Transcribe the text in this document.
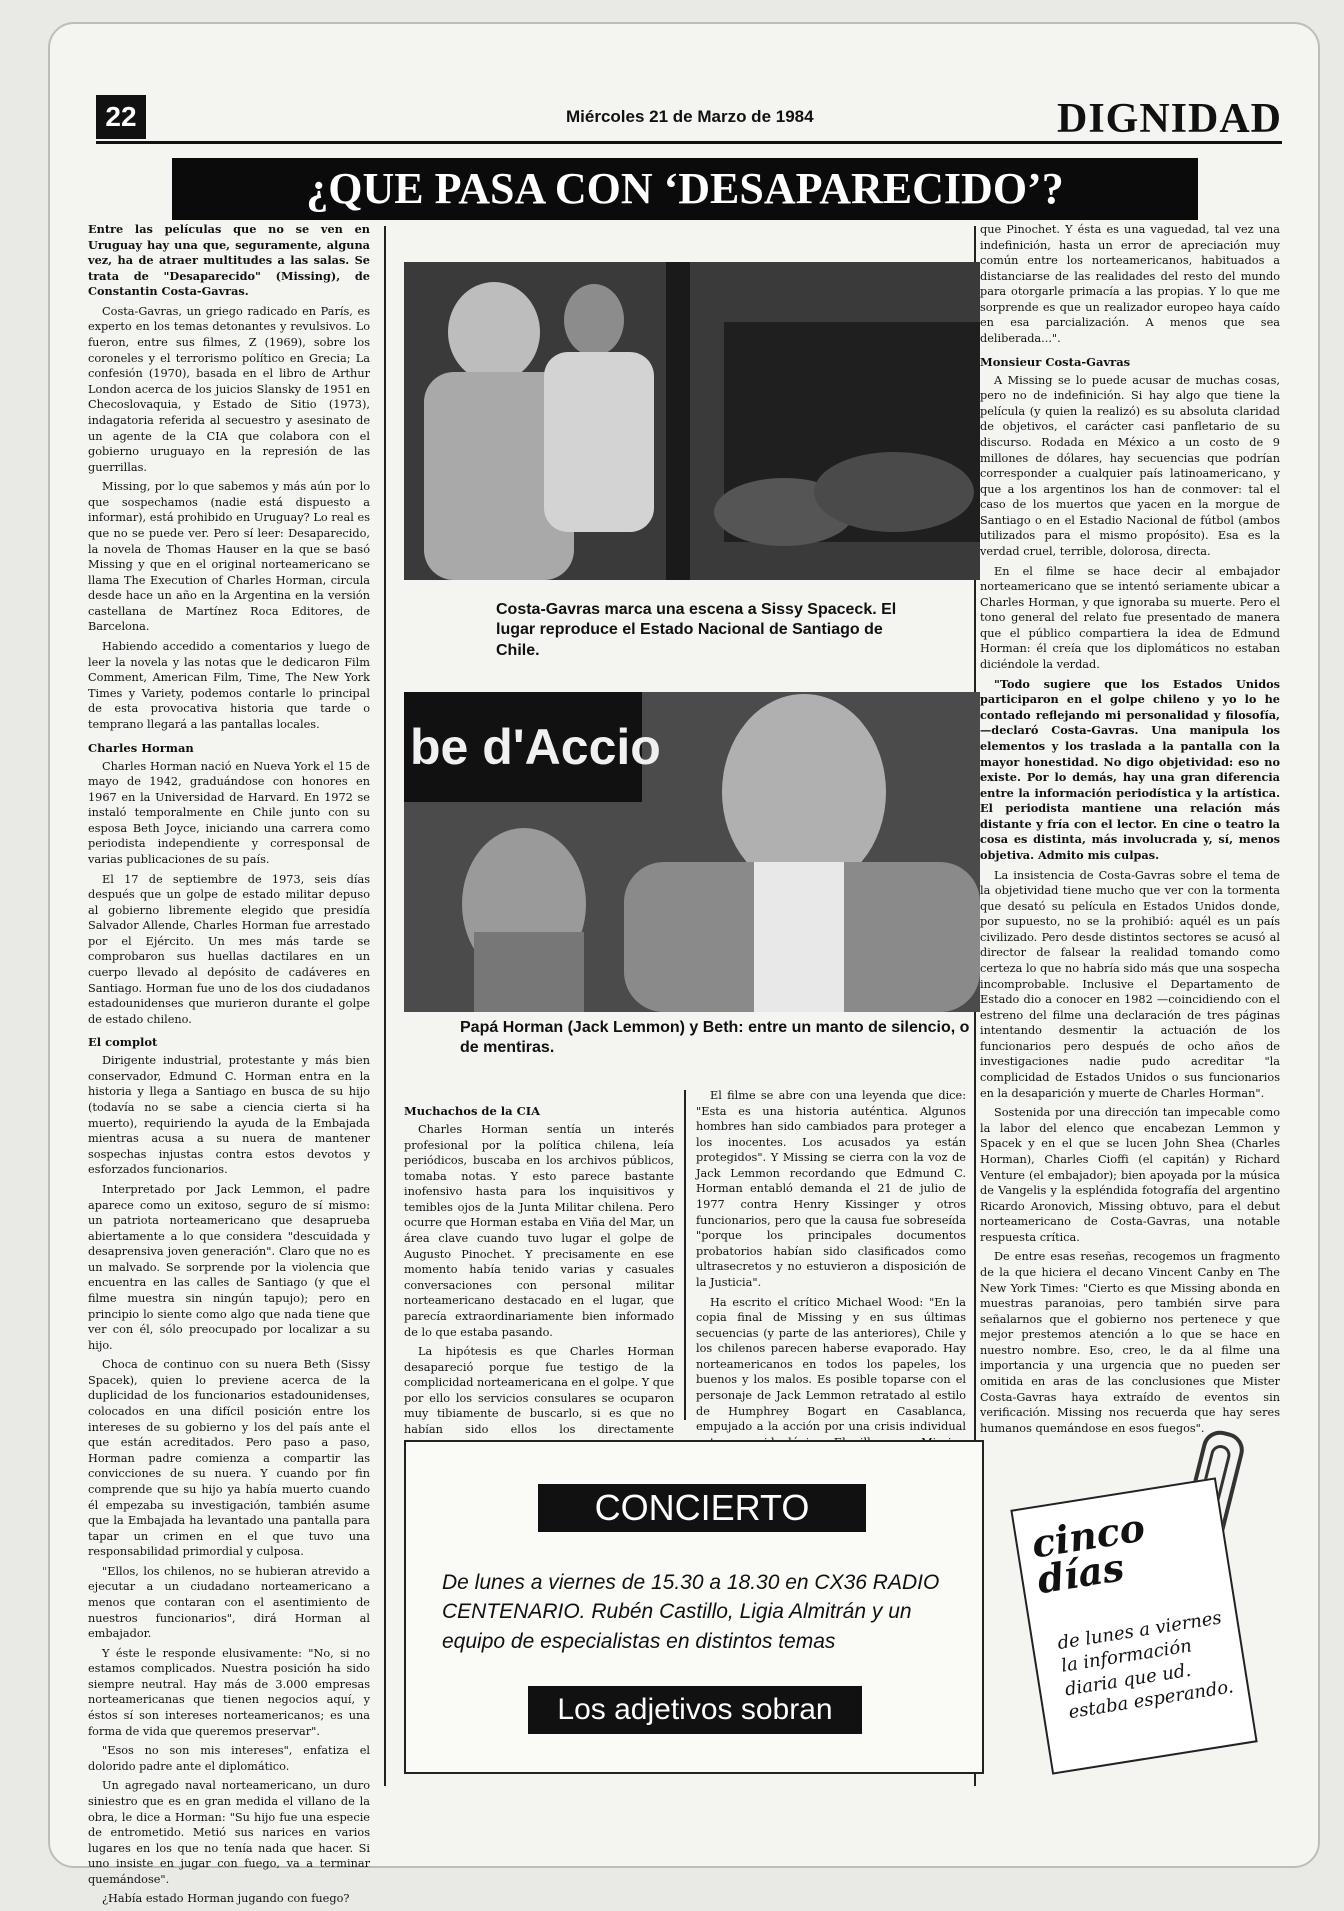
22	Miércoles 21 de Marzo de 1984	DIGNIDAD
¿QUE PASA CON ‘DESAPARECIDO’?

Entre las películas que no se ven en Uruguay hay una que, seguramente, alguna vez, ha de atraer multitudes a las salas. Se trata de "Desaparecido" (Missing), de Constantin Costa-Gavras.

Costa-Gavras, un griego radicado en París, es experto en los temas detonantes y revulsivos. Lo fueron, entre sus filmes, Z (1969), sobre los coroneles y el terrorismo político en Grecia; La confesión (1970), basada en el libro de Arthur London acerca de los juicios Slansky de 1951 en Checoslovaquia, y Estado de Sitio (1973), indagatoria referida al secuestro y asesinato de un agente de la CIA que colabora con el gobierno uruguayo en la represión de las guerrillas.

Missing, por lo que sabemos y más aún por lo que sospechamos (nadie está dispuesto a informar), está prohibido en Uruguay? Lo real es que no se puede ver. Pero sí leer: Desaparecido, la novela de Thomas Hauser en la que se basó Missing y que en el original norteamericano se llama The Execution of Charles Horman, circula desde hace un año en la Argentina en la versión castellana de Martínez Roca Editores, de Barcelona.

Habiendo accedido a comentarios y luego de leer la novela y las notas que le dedicaron Film Comment, American Film, Time, The New York Times y Variety, podemos contarle lo principal de esta provocativa historia que tarde o temprano llegará a las pantallas locales.

Charles Horman

Charles Horman nació en Nueva York el 15 de mayo de 1942, graduándose con honores en 1967 en la Universidad de Harvard. En 1972 se instaló temporalmente en Chile junto con su esposa Beth Joyce, iniciando una carrera como periodista independiente y corresponsal de varias publicaciones de su país.

El 17 de septiembre de 1973, seis días después que un golpe de estado militar depuso al gobierno libremente elegido que presidía Salvador Allende, Charles Horman fue arrestado por el Ejército. Un mes más tarde se comprobaron sus huellas dactilares en un cuerpo llevado al depósito de cadáveres en Santiago. Horman fue uno de los dos ciudadanos estadounidenses que murieron durante el golpe de estado chileno.

El complot

Dirigente industrial, protestante y más bien conservador, Edmund C. Horman entra en la historia y llega a Santiago en busca de su hijo (todavía no se sabe a ciencia cierta si ha muerto), requiriendo la ayuda de la Embajada mientras acusa a su nuera de mantener sospechas injustas contra estos devotos y esforzados funcionarios.

Interpretado por Jack Lemmon, el padre aparece como un exitoso, seguro de sí mismo: un patriota norteamericano que desaprueba abiertamente a lo que considera "descuidada y desaprensiva joven generación". Claro que no es un malvado. Se sorprende por la violencia que encuentra en las calles de Santiago (y que el filme muestra sin ningún tapujo); pero en principio lo siente como algo que nada tiene que ver con él, sólo preocupado por localizar a su hijo.

Choca de continuo con su nuera Beth (Sissy Spacek), quien lo previene acerca de la duplicidad de los funcionarios estadounidenses, colocados en una difícil posición entre los intereses de su gobierno y los del país ante el que están acreditados. Pero paso a paso, Horman padre comienza a compartir las convicciones de su nuera. Y cuando por fin comprende que su hijo ya había muerto cuando él empezaba su investigación, también asume que la Embajada ha levantado una pantalla para tapar un crimen en el que tuvo una responsabilidad primordial y culposa.

"Ellos, los chilenos, no se hubieran atrevido a ejecutar a un ciudadano norteamericano a menos que contaran con el asentimiento de nuestros funcionarios", dirá Horman al embajador.

Y éste le responde elusivamente: "No, si no estamos complicados. Nuestra posición ha sido siempre neutral. Hay más de 3.000 empresas norteamericanas que tienen negocios aquí, y éstos sí son intereses norteamericanos; es una forma de vida que queremos preservar".

"Esos no son mis intereses", enfatiza el dolorido padre ante el diplomático.

Un agregado naval norteamericano, un duro siniestro que es en gran medida el villano de la obra, le dice a Horman: "Su hijo fue una especie de entrometido. Metió sus narices en varios lugares en los que no tenía nada que hacer. Si uno insiste en jugar con fuego, va a terminar quemándose".

¿Había estado Horman jugando con fuego?

Costa-Gavras marca una escena a Sissy Spaceck. El lugar reproduce el Estado Nacional de Santiago de Chile.
be d'Accio
Papá Horman (Jack Lemmon) y Beth: entre un manto de silencio, o de mentiras.
Muchachos de la CIA

Charles Horman sentía un interés profesional por la política chilena, leía periódicos, buscaba en los archivos públicos, tomaba notas. Y esto parece bastante inofensivo hasta para los inquisitivos y temibles ojos de la Junta Militar chilena. Pero ocurre que Horman estaba en Viña del Mar, un área clave cuando tuvo lugar el golpe de Augusto Pinochet. Y precisamente en ese momento había tenido varias y casuales conversaciones con personal militar norteamericano destacado en el lugar, que parecía extraordinariamente bien informado de lo que estaba pasando.

La hipótesis es que Charles Horman desapareció porque fue testigo de la complicidad norteamericana en el golpe. Y que por ello los servicios consulares se ocuparon muy tibiamente de buscarlo, si es que no habían sido ellos los directamente

El filme se abre con una leyenda que dice: "Esta es una historia auténtica. Algunos hombres han sido cambiados para proteger a los inocentes. Los acusados ya están protegidos". Y Missing se cierra con la voz de Jack Lemmon recordando que Edmund C. Horman entabló demanda el 21 de julio de 1977 contra Henry Kissinger y otros funcionarios, pero que la causa fue sobreseída "porque los principales documentos probatorios habían sido clasificados como ultrasecretos y no estuvieron a disposición de la Justicia".

Ha escrito el crítico Michael Wood: "En la copia final de Missing y en sus últimas secuencias (y parte de las anteriores), Chile y los chilenos parecen haberse evaporado. Hay norteamericanos en todos los papeles, los buenos y los malos. Es posible toparse con el personaje de Jack Lemmon retratado al estilo de Humphrey Bogart en Casablanca, empujado a la acción por una crisis individual

que Pinochet. Y ésta es una vaguedad, tal vez una indefinición, hasta un error de apreciación muy común entre los norteamericanos, habituados a distanciarse de las realidades del resto del mundo para otorgarle primacía a las propias. Y lo que me sorprende es que un realizador europeo haya caído en esa parcialización. A menos que sea deliberada...".

Monsieur Costa-Gavras

A Missing se lo puede acusar de muchas cosas, pero no de indefinición. Si hay algo que tiene la película (y quien la realizó) es su absoluta claridad de objetivos, el carácter casi panfletario de su discurso. Rodada en México a un costo de 9 millones de dólares, hay secuencias que podrían corresponder a cualquier país latinoamericano, y que a los argentinos los han de conmover: tal el caso de los muertos que yacen en la morgue de Santiago o en el Estadio Nacional de fútbol (ambos utilizados para el mismo propósito). Esa es la verdad cruel, terrible, dolorosa, directa.

En el filme se hace decir al embajador norteamericano que se intentó seriamente ubicar a Charles Horman, y que ignoraba su muerte. Pero el tono general del relato fue presentado de manera que el público compartiera la idea de Edmund Horman: él creía que los diplomáticos no estaban diciéndole la verdad.

"Todo sugiere que los Estados Unidos participaron en el golpe chileno y yo lo he contado reflejando mi personalidad y filosofía, —declaró Costa-Gavras. Una manipula los elementos y los traslada a la pantalla con la mayor honestidad. No digo objetividad: eso no existe. Por lo demás, hay una gran diferencia entre la información periodística y la artística. El periodista mantiene una relación más distante y fría con el lector. En cine o teatro la cosa es distinta, más involucrada y, sí, menos objetiva. Admito mis culpas.

La insistencia de Costa-Gavras sobre el tema de la objetividad tiene mucho que ver con la tormenta que desató su película en Estados Unidos donde, por supuesto, no se la prohibió: aquél es un país civilizado. Pero desde distintos sectores se acusó al director de falsear la realidad tomando como certeza lo que no habría sido más que una sospecha incomprobable. Inclusive el Departamento de Estado dio a conocer en 1982 —coincidiendo con el estreno del filme una declaración de tres páginas intentando desmentir la actuación de los funcionarios pero después de ocho años de investigaciones nadie pudo acreditar "la complicidad de Estados Unidos o sus funcionarios en la desaparición y muerte de Charles Horman".

Sostenida por una dirección tan impecable como la labor del elenco que encabezan Lemmon y Spacek y en el que se lucen John Shea (Charles Horman), Charles Cioffi (el capitán) y Richard Venture (el embajador); bien apoyada por la música de Vangelis y la espléndida fotografía del argentino Ricardo Aronovich, Missing obtuvo, para el debut norteamericano de Costa-Gavras, una notable respuesta crítica.

De entre esas reseñas, recogemos un fragmento de la que hiciera el decano Vincent Canby en The New York Times: "Cierto es que Missing abonda en muestras paranoias, pero también sirve para señalarnos que el gobierno nos pertenece y que mejor prestemos atención a lo que se hace en nuestro nombre. Eso, creo, le da al filme una importancia y una urgencia que no pueden ser omitida en aras de las conclusiones que Mister Costa-Gavras haya extraído de eventos sin verificación. Missing nos recuerda que hay seres humanos quemándose en esos fuegos".

CONCIERTO
De lunes a viernes de 15.30 a 18.30 en CX36 RADIO CENTENARIO. Rubén Castillo, Ligia Almitrán y un equipo de especialistas en distintos temas
Los adjetivos sobran
cinco días
de lunes a viernes la información diaria que ud. estaba esperando.
